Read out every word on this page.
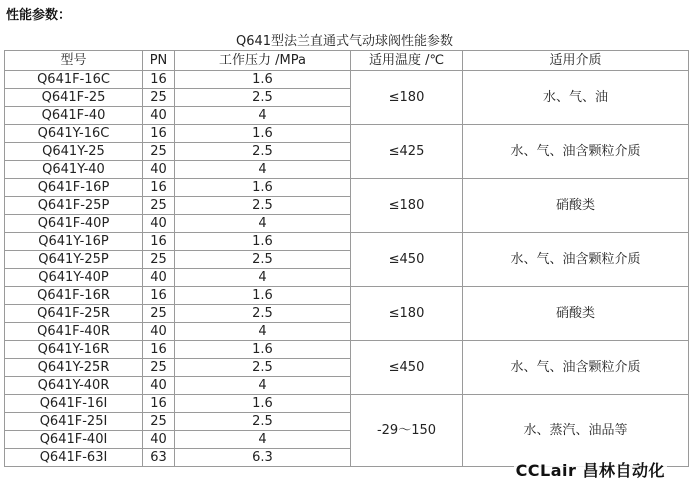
性能参数：
Q641型法兰直通式气动球阀性能参数
型号	PN	工作压力 /MPa	适用温度 /℃	适用介质
Q641F-16C	16	1.6	≤180	水、气、油
Q641F-25	25	2.5		
Q641F-40	40	4		
Q641Y-16C	16	1.6	≤425	水、气、油含颗粒介质
Q641Y-25	25	2.5		
Q641Y-40	40	4		
Q641F-16P	16	1.6	≤180	硝酸类
Q641F-25P	25	2.5		
Q641F-40P	40	4		
Q641Y-16P	16	1.6	≤450	水、气、油含颗粒介质
Q641Y-25P	25	2.5		
Q641Y-40P	40	4		
Q641F-16R	16	1.6	≤180	硝酸类
Q641F-25R	25	2.5		
Q641F-40R	40	4		
Q641Y-16R	16	1.6	≤450	水、气、油含颗粒介质
Q641Y-25R	25	2.5		
Q641Y-40R	40	4		
Q641F-16I	16	1.6	-29～150	水、蒸汽、油品等
Q641F-25I	25	2.5		
Q641F-40I	40	4		
Q641F-63I	63	6.3		
CCLair 昌林自动化
